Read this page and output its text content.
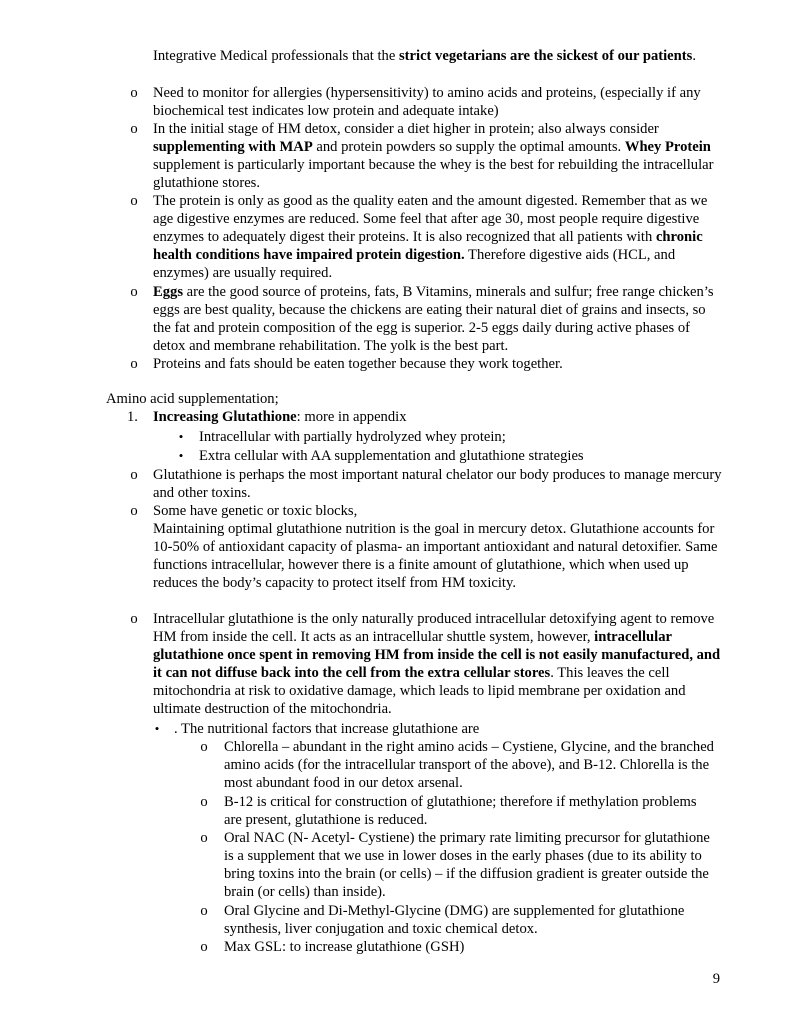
Integrative Medical professionals that the strict vegetarians are the sickest of our patients.

o Need to monitor for allergies (hypersensitivity) to amino acids and proteins, (especially if any biochemical test indicates low protein and adequate intake)

o In the initial stage of HM detox, consider a diet higher in protein; also always consider supplementing with MAP and protein powders so supply the optimal amounts. Whey Protein supplement is particularly important because the whey is the best for rebuilding the intracellular glutathione stores.

o The protein is only as good as the quality eaten and the amount digested. Remember that as we age digestive enzymes are reduced. Some feel that after age 30, most people require digestive enzymes to adequately digest their proteins. It is also recognized that all patients with chronic health conditions have impaired protein digestion. Therefore digestive aids (HCL, and enzymes) are usually required.

o Eggs are the good source of proteins, fats, B Vitamins, minerals and sulfur; free range chicken’s eggs are best quality, because the chickens are eating their natural diet of grains and insects, so the fat and protein composition of the egg is superior. 2-5 eggs daily during active phases of detox and membrane rehabilitation. The yolk is the best part.

o Proteins and fats should be eaten together because they work together.

Amino acid supplementation;

1. Increasing Glutathione: more in appendix

• Intracellular with partially hydrolyzed whey protein;

• Extra cellular with AA supplementation and glutathione strategies

o Glutathione is perhaps the most important natural chelator our body produces to manage mercury and other toxins.

o Some have genetic or toxic blocks,

Maintaining optimal glutathione nutrition is the goal in mercury detox. Glutathione accounts for 10-50% of antioxidant capacity of plasma- an important antioxidant and natural detoxifier. Same functions intracellular, however there is a finite amount of glutathione, which when used up reduces the body’s capacity to protect itself from HM toxicity.

o Intracellular glutathione is the only naturally produced intracellular detoxifying agent to remove HM from inside the cell. It acts as an intracellular shuttle system, however, intracellular glutathione once spent in removing HM from inside the cell is not easily manufactured, and it can not diffuse back into the cell from the extra cellular stores. This leaves the cell mitochondria at risk to oxidative damage, which leads to lipid membrane per oxidation and ultimate destruction of the mitochondria.

• . The nutritional factors that increase glutathione are

o Chlorella – abundant in the right amino acids – Cystiene, Glycine, and the branched amino acids (for the intracellular transport of the above), and B-12. Chlorella is the most abundant food in our detox arsenal.

o B-12 is critical for construction of glutathione; therefore if methylation problems are present, glutathione is reduced.

o Oral NAC (N- Acetyl- Cystiene) the primary rate limiting precursor for glutathione is a supplement that we use in lower doses in the early phases (due to its ability to bring toxins into the brain (or cells) – if the diffusion gradient is greater outside the brain (or cells) than inside).

o Oral Glycine and Di-Methyl-Glycine (DMG) are supplemented for glutathione synthesis, liver conjugation and toxic chemical detox.

o Max GSL: to increase glutathione (GSH)

9
